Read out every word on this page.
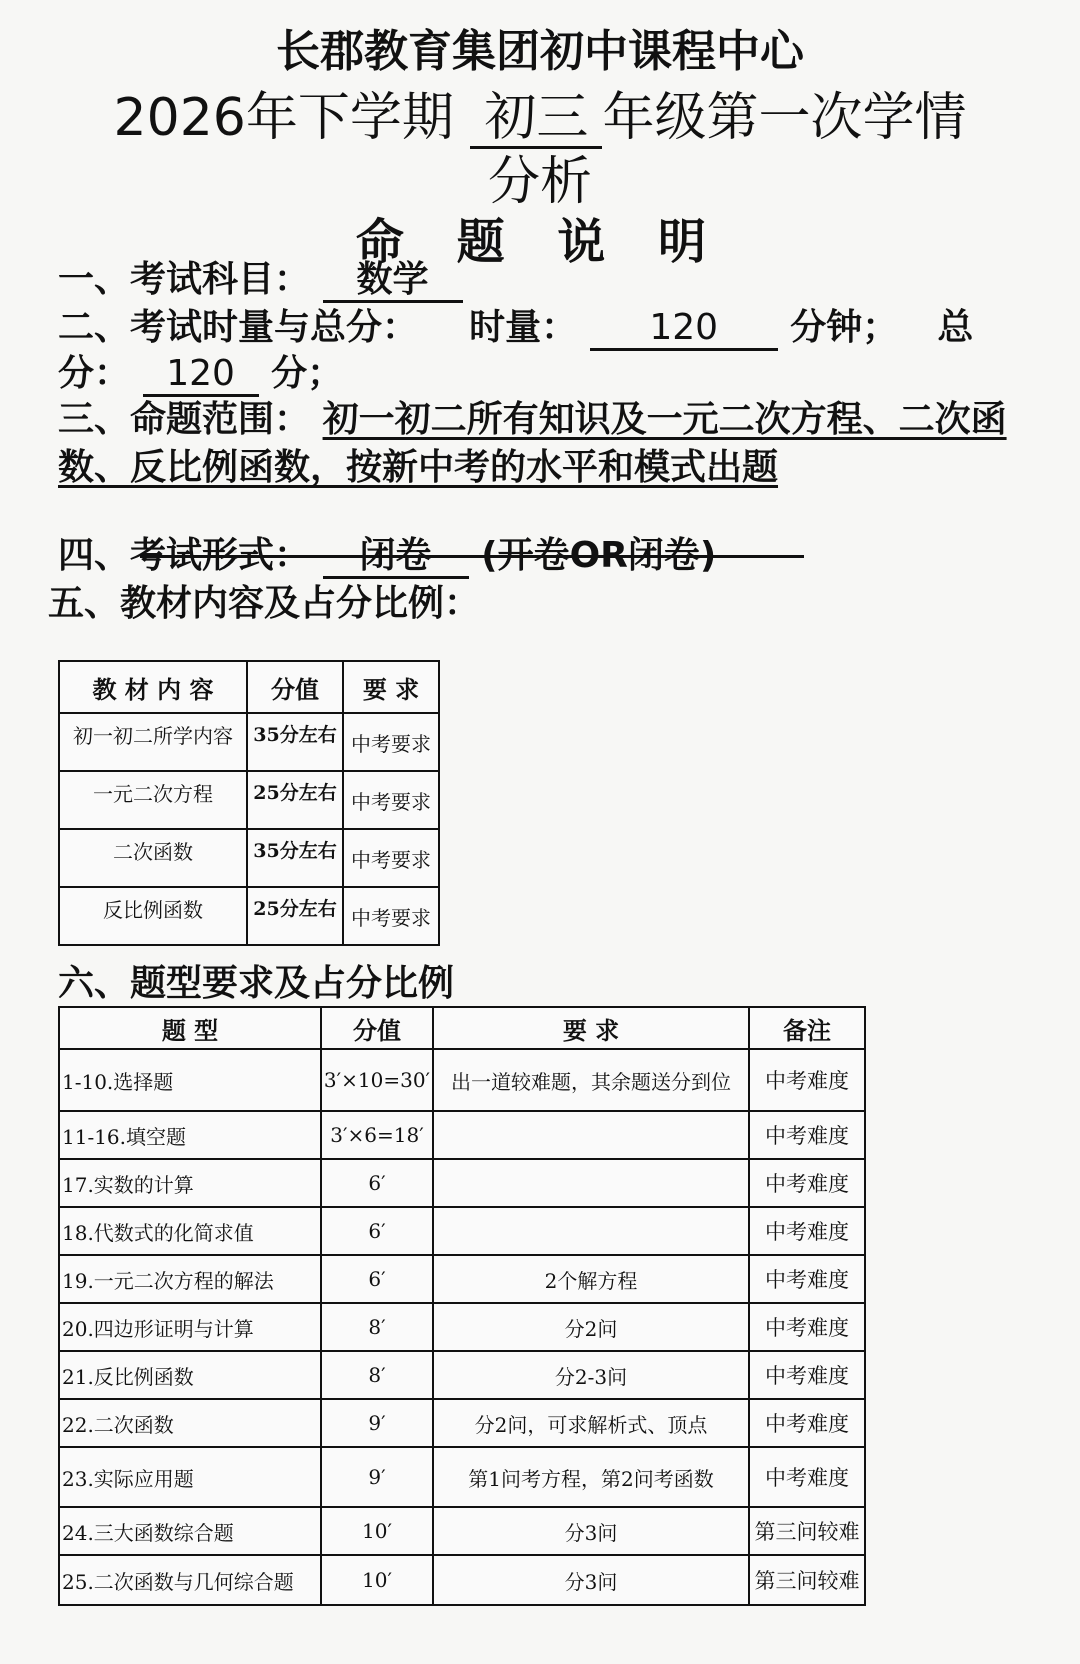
长郡教育集团初中课程中心
2026年下学期 初三 年级第一次学情
分析
命 题 说 明
一、考试科目： 数学
二、考试时量与总分： 时量： 120 分钟； 总
分： 120 分；
三、命题范围： 初一初二所有知识及一元二次方程、二次函数、反比例函数，按新中考的水平和模式出题
四、考试形式： 闭卷 (开卷OR闭卷)
五、教材内容及占分比例：
教 材 内 容	分值	要 求
初一初二所学内容	35分左右	中考要求
一元二次方程	25分左右	中考要求
二次函数	35分左右	中考要求
反比例函数	25分左右	中考要求
六、题型要求及占分比例
题 型	分值	要 求	备注
1-10.选择题	3′×10=30′	出一道较难题，其余题送分到位	中考难度
11-16.填空题	3′×6=18′		中考难度
17.实数的计算	6′		中考难度
18.代数式的化简求值	6′		中考难度
19.一元二次方程的解法	6′	2个解方程	中考难度
20.四边形证明与计算	8′	分2问	中考难度
21.反比例函数	8′	分2-3问	中考难度
22.二次函数	9′	分2问，可求解析式、顶点	中考难度
23.实际应用题	9′	第1问考方程，第2问考函数	中考难度
24.三大函数综合题	10′	分3问	第三问较难
25.二次函数与几何综合题	10′	分3问	第三问较难
